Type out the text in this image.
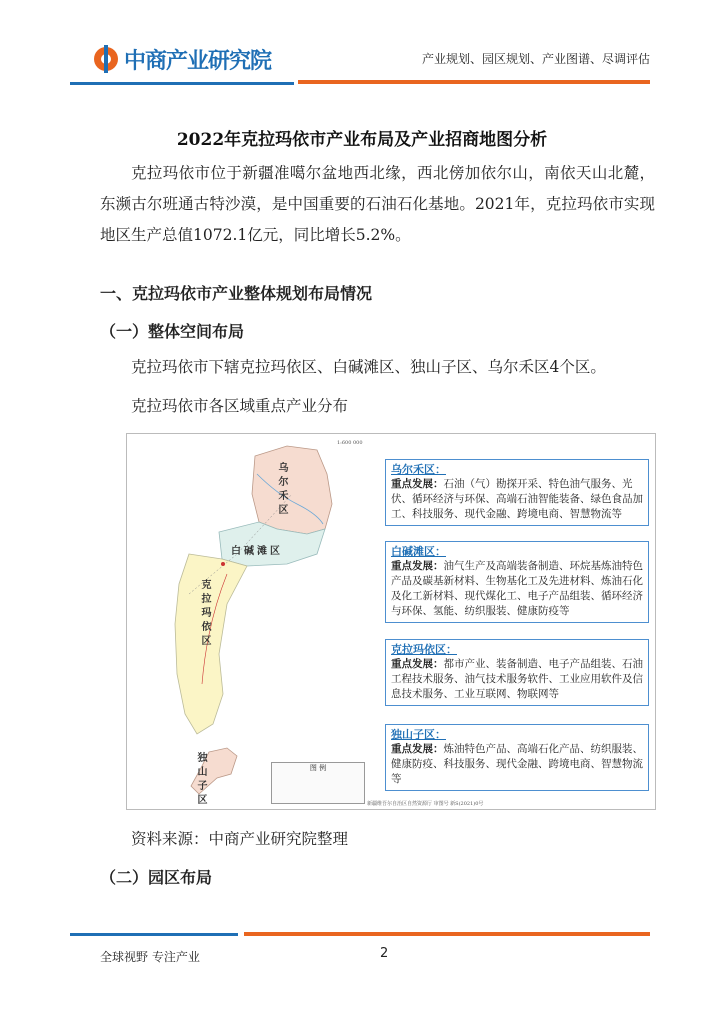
中商产业研究院	产业规划、园区规划、产业图谱、尽调评估
2022年克拉玛依市产业布局及产业招商地图分析
克拉玛依市位于新疆准噶尔盆地西北缘，西北傍加依尔山，南依天山北麓，东濒古尔班通古特沙漠，是中国重要的石油石化基地。2021年，克拉玛依市实现地区生产总值1072.1亿元，同比增长5.2%。
一、克拉玛依市产业整体规划布局情况
（一）整体空间布局
克拉玛依市下辖克拉玛依区、白碱滩区、独山子区、乌尔禾区4个区。
克拉玛依市各区域重点产业分布
1:600 000
乌尔禾区
白碱滩区
克拉玛依区
独山子区	图 例
新疆维吾尔自治区自然资源厅 审图号 新S(2021)0号
乌尔禾区：
重点发展：石油（气）勘探开采、特色油气服务、光伏、循环经济与环保、高端石油智能装备、绿色食品加工、科技服务、现代金融、跨境电商、智慧物流等
白碱滩区：
重点发展：油气生产及高端装备制造、环烷基炼油特色产品及碳基新材料、生物基化工及先进材料、炼油石化及化工新材料、现代煤化工、电子产品组装、循环经济与环保、氢能、纺织服装、健康防疫等
克拉玛依区：
重点发展：都市产业、装备制造、电子产品组装、石油工程技术服务、油气技术服务软件、工业应用软件及信息技术服务、工业互联网、物联网等
独山子区：
重点发展：炼油特色产品、高端石化产品、纺织服装、健康防疫、科技服务、现代金融、跨境电商、智慧物流等
资料来源：中商产业研究院整理
（二）园区布局
全球视野 专注产业	2
